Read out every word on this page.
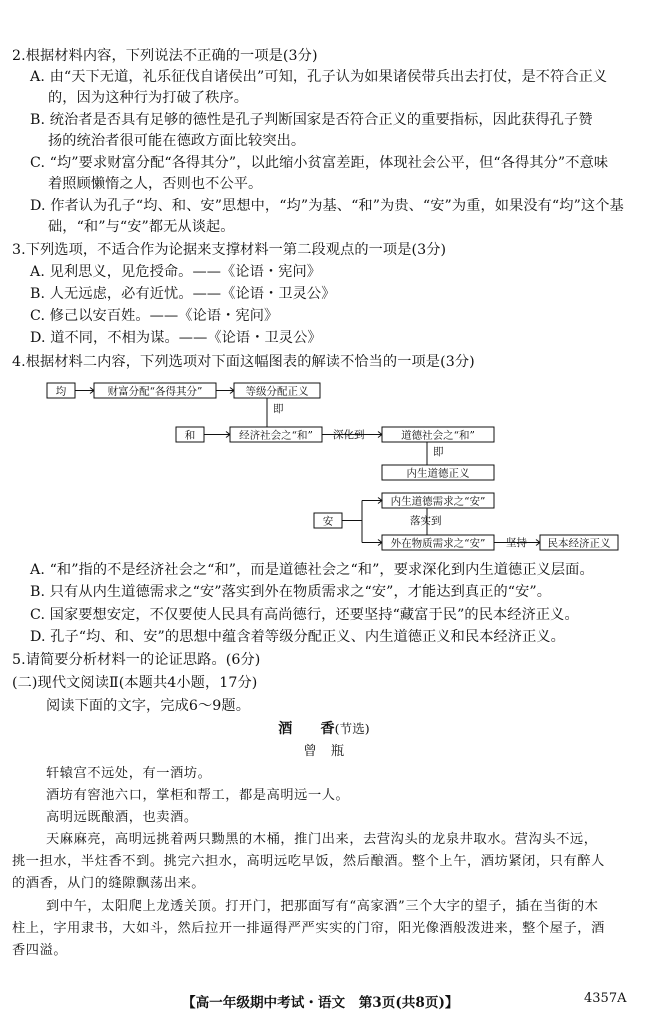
2.根据材料内容，下列说法不正确的一项是(3分)
A. 由“天下无道，礼乐征伐自诸侯出”可知，孔子认为如果诸侯带兵出去打仗，是不符合正义
的，因为这种行为打破了秩序。
B. 统治者是否具有足够的德性是孔子判断国家是否符合正义的重要指标，因此获得孔子赞
扬的统治者很可能在德政方面比较突出。
C. “均”要求财富分配“各得其分”，以此缩小贫富差距，体现社会公平，但“各得其分”不意味
着照顾懒惰之人，否则也不公平。
D. 作者认为孔子“均、和、安”思想中，“均”为基、“和”为贵、“安”为重，如果没有“均”这个基
础，“和”与“安”都无从谈起。
3.下列选项，不适合作为论据来支撑材料一第二段观点的一项是(3分)
A. 见利思义，见危授命。——《论语・宪问》
B. 人无远虑，必有近忧。——《论语・卫灵公》
C. 修己以安百姓。——《论语・宪问》
D. 道不同，不相为谋。——《论语・卫灵公》
4.根据材料二内容，下列选项对下面这幅图表的解读不恰当的一项是(3分)
均	财富分配“各得其分”	等级分配正义
即
和	经济社会之“和” 深化到	道德社会之“和”
即
内生道德正义
内生道德需求之“安”
落实到
安
外在物质需求之“安” 坚持 民本经济正义
A. “和”指的不是经济社会之“和”，而是道德社会之“和”，要求深化到内生道德正义层面。
B. 只有从内生道德需求之“安”落实到外在物质需求之“安”，才能达到真正的“安”。
C. 国家要想安定，不仅要使人民具有高尚德行，还要坚持“藏富于民”的民本经济正义。
D. 孔子“均、和、安”的思想中蕴含着等级分配正义、内生道德正义和民本经济正义。
5.请简要分析材料一的论证思路。(6分)
(二)现代文阅读Ⅱ(本题共4小题，17分)
阅读下面的文字，完成6～9题。
酒　　香(节选)
曾　瓶
轩辕宫不远处，有一酒坊。
酒坊有窖池六口，掌柜和帮工，都是高明远一人。
高明远既酿酒，也卖酒。
天麻麻亮，高明远挑着两只黝黑的木桶，推门出来，去营沟头的龙泉井取水。营沟头不远，
挑一担水，半炷香不到。挑完六担水，高明远吃早饭，然后酿酒。整个上午，酒坊紧闭，只有醉人
的酒香，从门的缝隙飘荡出来。
到中午，太阳爬上龙透关顶。打开门，把那面写有“高家酒”三个大字的望子，插在当街的木
柱上，字用隶书，大如斗，然后拉开一排逼得严严实实的门帘，阳光像酒般泼进来，整个屋子，酒
香四溢。
【高一年级期中考试・语文　第3页(共8页)】	4357A
